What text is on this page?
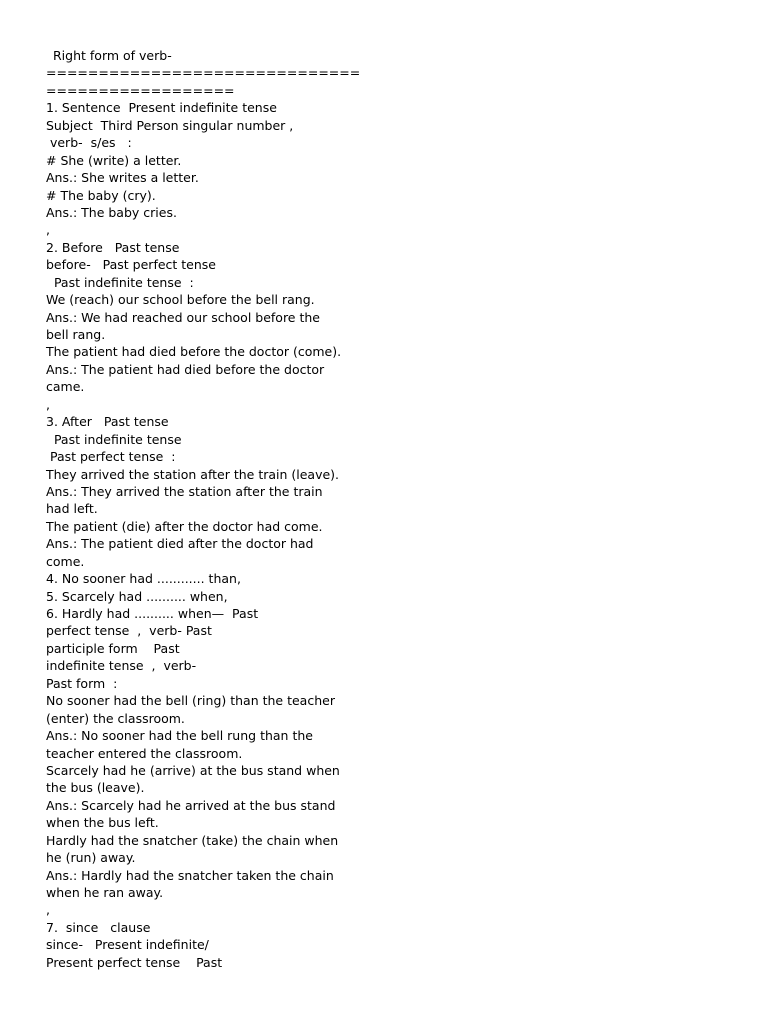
Right form of verb-
==============================
==================
1. Sentence  Present indefinite tense
Subject  Third Person singular number ,
verb-  s/es   :
# She (write) a letter.
Ans.: She writes a letter.
# The baby (cry).
Ans.: The baby cries.
,
2. Before   Past tense
before-   Past perfect tense
Past indefinite tense  :
We (reach) our school before the bell rang.
Ans.: We had reached our school before the
bell rang.
The patient had died before the doctor (come).
Ans.: The patient had died before the doctor
came.
,
3. After   Past tense
Past indefinite tense
Past perfect tense  :
They arrived the station after the train (leave).
Ans.: They arrived the station after the train
had left.
The patient (die) after the doctor had come.
Ans.: The patient died after the doctor had
come.
4. No sooner had ............ than,
5. Scarcely had .......... when,
6. Hardly had .......... when—  Past
perfect tense  ,  verb- Past
participle form    Past
indefinite tense  ,  verb-
Past form  :
No sooner had the bell (ring) than the teacher
(enter) the classroom.
Ans.: No sooner had the bell rung than the
teacher entered the classroom.
Scarcely had he (arrive) at the bus stand when
the bus (leave).
Ans.: Scarcely had he arrived at the bus stand
when the bus left.
Hardly had the snatcher (take) the chain when
he (run) away.
Ans.: Hardly had the snatcher taken the chain
when he ran away.
,
7.  since   clause
since-   Present indefinite/
Present perfect tense    Past
